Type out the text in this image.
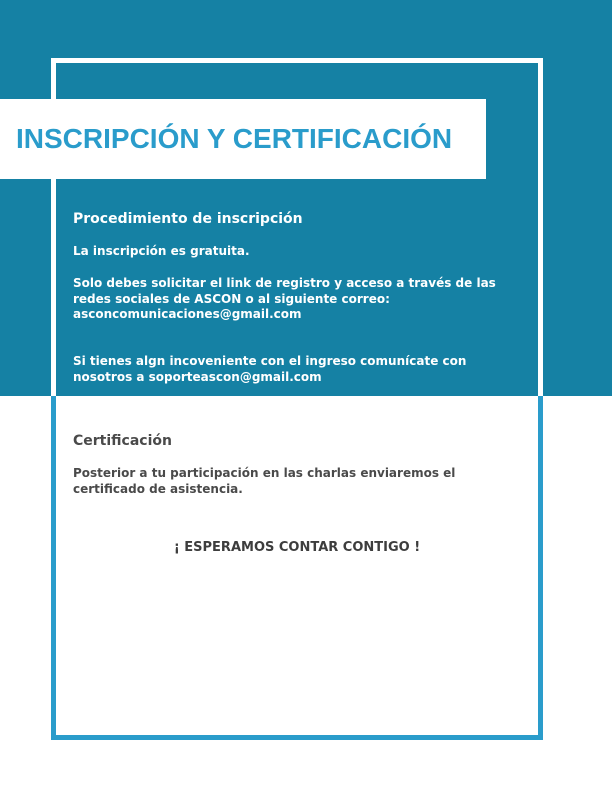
INSCRIPCIÓN Y CERTIFICACIÓN
Procedimiento de inscripción

La inscripción es gratuita.

Solo debes solicitar el link de registro y acceso a través de las redes sociales de ASCON o al siguiente correo:

asconcomunicaciones@gmail.com

Si tienes algn incoveniente con el ingreso comunícate con nosotros a soporteascon@gmail.com

Certificación

Posterior a tu participación en las charlas enviaremos el certificado de asistencia.

¡ ESPERAMOS CONTAR CONTIGO !
